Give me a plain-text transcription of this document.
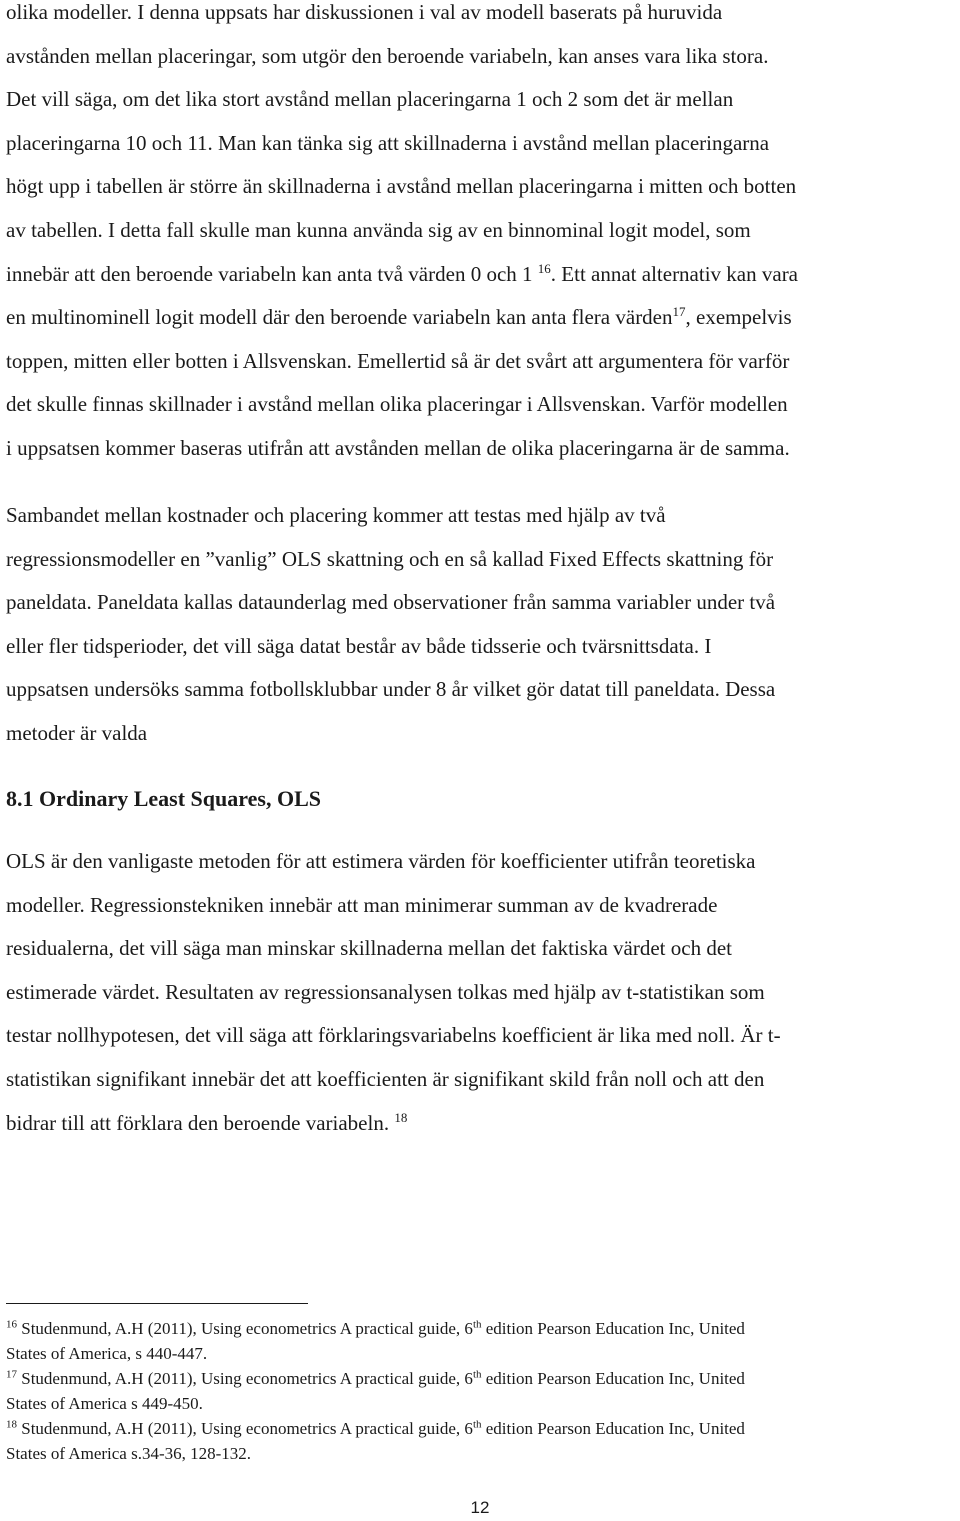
olika modeller. I denna uppsats har diskussionen i val av modell baserats på huruvida
avstånden mellan placeringar, som utgör den beroende variabeln, kan anses vara lika stora.
Det vill säga, om det lika stort avstånd mellan placeringarna 1 och 2 som det är mellan
placeringarna 10 och 11. Man kan tänka sig att skillnaderna i avstånd mellan placeringarna
högt upp i tabellen är större än skillnaderna i avstånd mellan placeringarna i mitten och botten
av tabellen. I detta fall skulle man kunna använda sig av en binnominal logit model, som
innebär att den beroende variabeln kan anta två värden 0 och 1 $^{16}$. Ett annat alternativ kan vara
en multinominell logit modell där den beroende variabeln kan anta flera värden$^{17}$, exempelvis
toppen, mitten eller botten i Allsvenskan. Emellertid så är det svårt att argumentera för varför
det skulle finnas skillnader i avstånd mellan olika placeringar i Allsvenskan. Varför modellen
i uppsatsen kommer baseras utifrån att avstånden mellan de olika placeringarna är de samma.

Sambandet mellan kostnader och placering kommer att testas med hjälp av två
regressionsmodeller en ”vanlig” OLS skattning och en så kallad Fixed Effects skattning för
paneldata. Paneldata kallas dataunderlag med observationer från samma variabler under två
eller fler tidsperioder, det vill säga datat består av både tidsserie och tvärsnittsdata. I
uppsatsen undersöks samma fotbollsklubbar under 8 år vilket gör datat till paneldata. Dessa
metoder är valda

8.1 Ordinary Least Squares, OLS

OLS är den vanligaste metoden för att estimera värden för koefficienter utifrån teoretiska
modeller. Regressionstekniken innebär att man minimerar summan av de kvadrerade
residualerna, det vill säga man minskar skillnaderna mellan det faktiska värdet och det
estimerade värdet. Resultaten av regressionsanalysen tolkas med hjälp av t-statistikan som
testar nollhypotesen, det vill säga att förklaringsvariabelns koefficient är lika med noll. Är t-
statistikan signifikant innebär det att koefficienten är signifikant skild från noll och att den
bidrar till att förklara den beroende variabeln. $^{18}$

$^{16}$ Studenmund, A.H (2011), Using econometrics A practical guide, 6th edition Pearson Education Inc, United
States of America, s 440-447.

$^{17}$ Studenmund, A.H (2011), Using econometrics A practical guide, 6th edition Pearson Education Inc, United
States of America s 449-450.

$^{18}$ Studenmund, A.H (2011), Using econometrics A practical guide, 6th edition Pearson Education Inc, United
States of America s.34-36, 128-132.

12
